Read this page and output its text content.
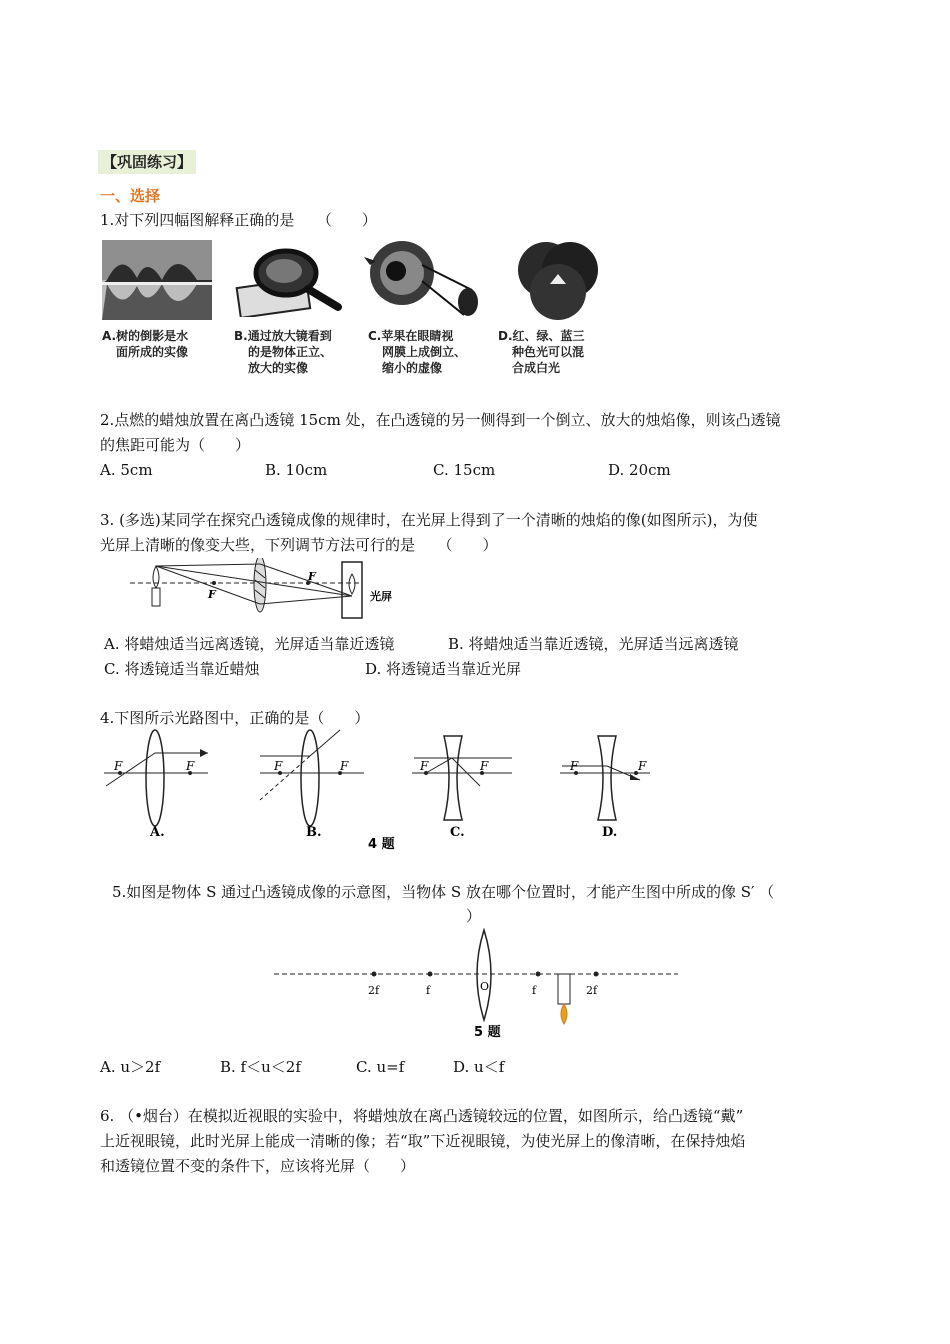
【巩固练习】
一、选择
1.对下列四幅图解释正确的是　　（　　）
A.树的倒影是水
面所成的实像
B.通过放大镜看到
的是物体正立、
放大的实像
C.苹果在眼睛视
网膜上成倒立、
缩小的虚像
D.红、绿、蓝三
种色光可以混
合成白光
2.点燃的蜡烛放置在离凸透镜 15cm 处，在凸透镜的另一侧得到一个倒立、放大的烛焰像，则该凸透镜
的焦距可能为（　　）
A. 5cm	B. 10cm	C. 15cm	D. 20cm
3. (多选)某同学在探究凸透镜成像的规律时，在光屏上得到了一个清晰的烛焰的像(如图所示)，为使
光屏上清晰的像变大些，下列调节方法可行的是　　（　　）
F
F
光屏
A. 将蜡烛适当远离透镜，光屏适当靠近透镜	B. 将蜡烛适当靠近透镜，光屏适当远离透镜
C. 将透镜适当靠近蜡烛	D. 将透镜适当靠近光屏
4.下图所示光路图中，正确的是（　　）
F	F
A.
F	F
B.
F	F
C.
F	F
D.
4 题
5.如图是物体 S 通过凸透镜成像的示意图，当物体 S 放在哪个位置时，才能产生图中所成的像 S′ （
）
2f	f	O	f	2f
5 题
A. u＞2f	B. f＜u＜2f	C. u=f	D. u＜f
6. （•烟台）在模拟近视眼的实验中，将蜡烛放在离凸透镜较远的位置，如图所示，给凸透镜“戴”
上近视眼镜，此时光屏上能成一清晰的像；若“取”下近视眼镜，为使光屏上的像清晰，在保持烛焰
和透镜位置不变的条件下，应该将光屏（　　）
